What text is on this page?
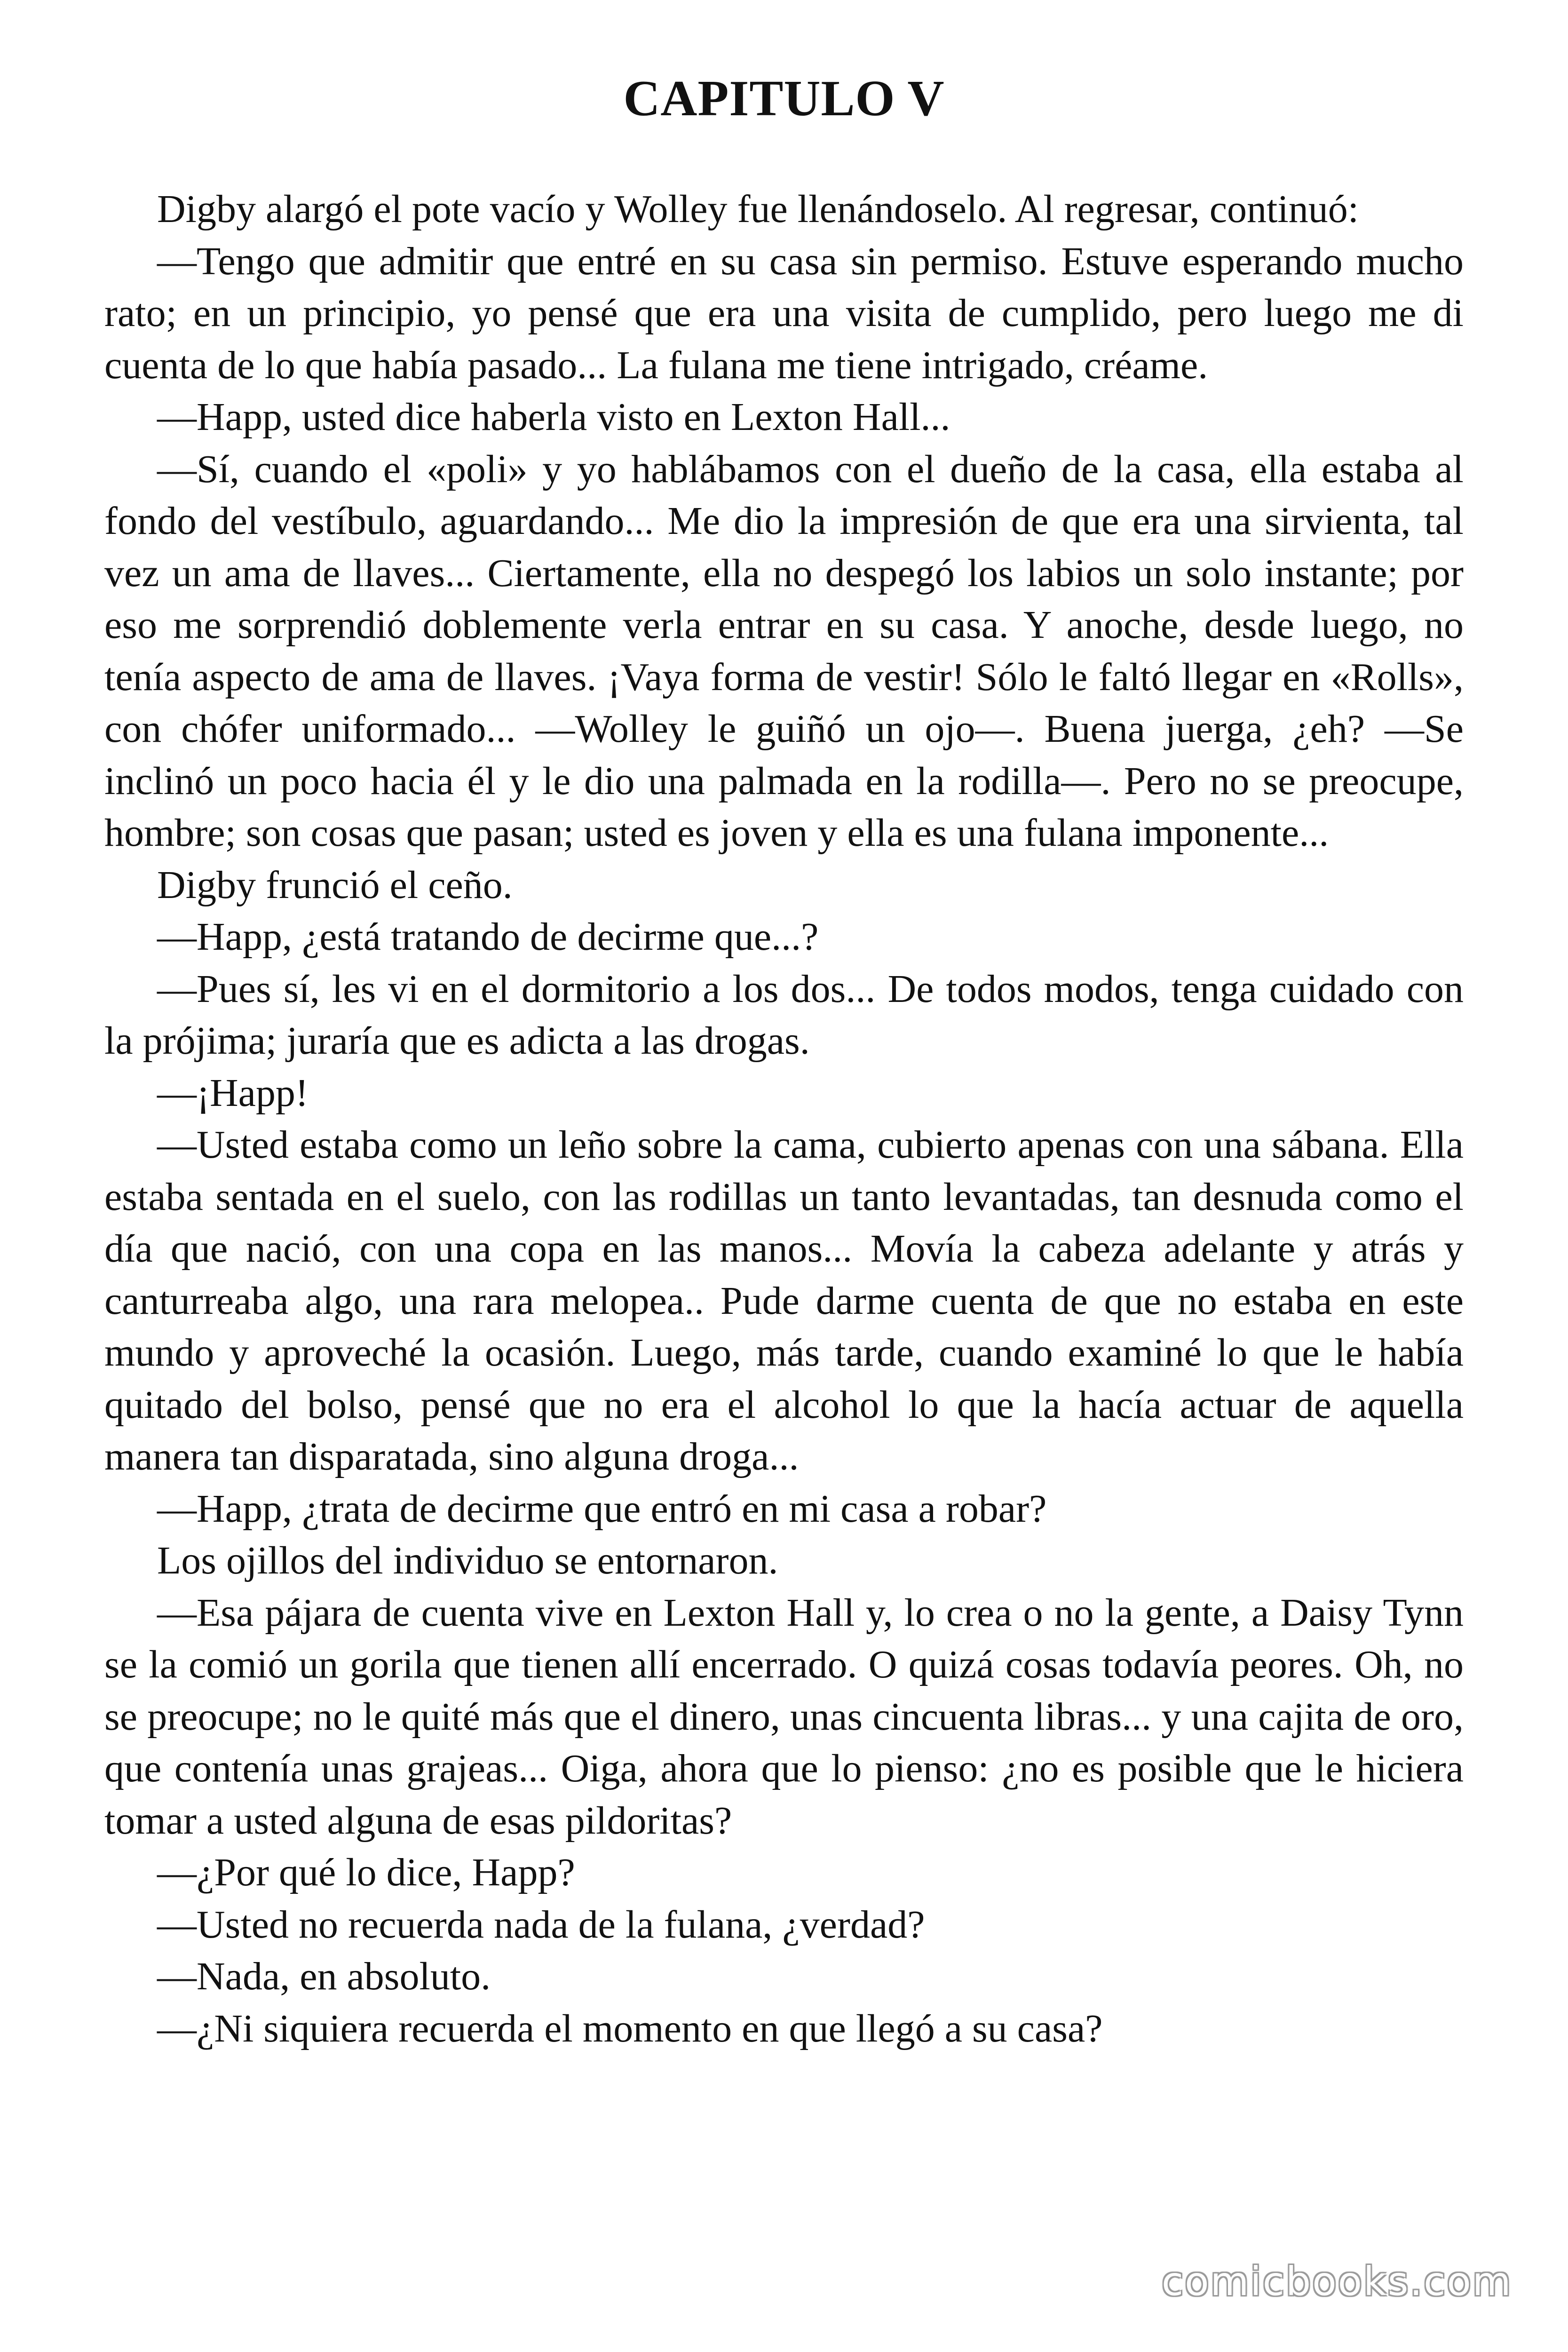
CAPITULO V

Digby alargó el pote vacío y Wolley fue llenándoselo. Al regresar, continuó:

—Tengo que admitir que entré en su casa sin permiso. Estuve esperando mucho rato; en un principio, yo pensé que era una visita de cumplido, pero luego me di cuenta de lo que había pasado... La fulana me tiene intrigado, créame.

—Happ, usted dice haberla visto en Lexton Hall...

—Sí, cuando el «poli» y yo hablábamos con el dueño de la casa, ella estaba al fondo del vestíbulo, aguardando... Me dio la impresión de que era una sirvienta, tal vez un ama de llaves... Ciertamente, ella no despegó los labios un solo instante; por eso me sorprendió doblemente verla entrar en su casa. Y anoche, desde luego, no tenía aspecto de ama de llaves. ¡Vaya forma de vestir! Sólo le faltó llegar en «Rolls», con chófer uniformado... —Wolley le guiñó un ojo—. Buena juerga, ¿eh? —Se inclinó un poco hacia él y le dio una palmada en la rodilla—. Pero no se preocupe, hombre; son cosas que pasan; usted es joven y ella es una fulana imponente...

Digby frunció el ceño.

—Happ, ¿está tratando de decirme que...?

—Pues sí, les vi en el dormitorio a los dos... De todos modos, tenga cuidado con la prójima; juraría que es adicta a las drogas.

—¡Happ!

—Usted estaba como un leño sobre la cama, cubierto apenas con una sábana. Ella estaba sentada en el suelo, con las rodillas un tanto levantadas, tan desnuda como el día que nació, con una copa en las manos... Movía la cabeza adelante y atrás y canturreaba algo, una rara melopea.. Pude darme cuenta de que no estaba en este mundo y aproveché la ocasión. Luego, más tarde, cuando examiné lo que le había quitado del bolso, pensé que no era el alcohol lo que la hacía actuar de aquella manera tan disparatada, sino alguna droga...

—Happ, ¿trata de decirme que entró en mi casa a robar?

Los ojillos del individuo se entornaron.

—Esa pájara de cuenta vive en Lexton Hall y, lo crea o no la gente, a Daisy Tynn se la comió un gorila que tienen allí encerrado. O quizá cosas todavía peores. Oh, no se preocupe; no le quité más que el dinero, unas cincuenta libras... y una cajita de oro, que contenía unas grajeas... Oiga, ahora que lo pienso: ¿no es posible que le hiciera tomar a usted alguna de esas pildoritas?

—¿Por qué lo dice, Happ?

—Usted no recuerda nada de la fulana, ¿verdad?

—Nada, en absoluto.

—¿Ni siquiera recuerda el momento en que llegó a su casa?

comicbooks.com
